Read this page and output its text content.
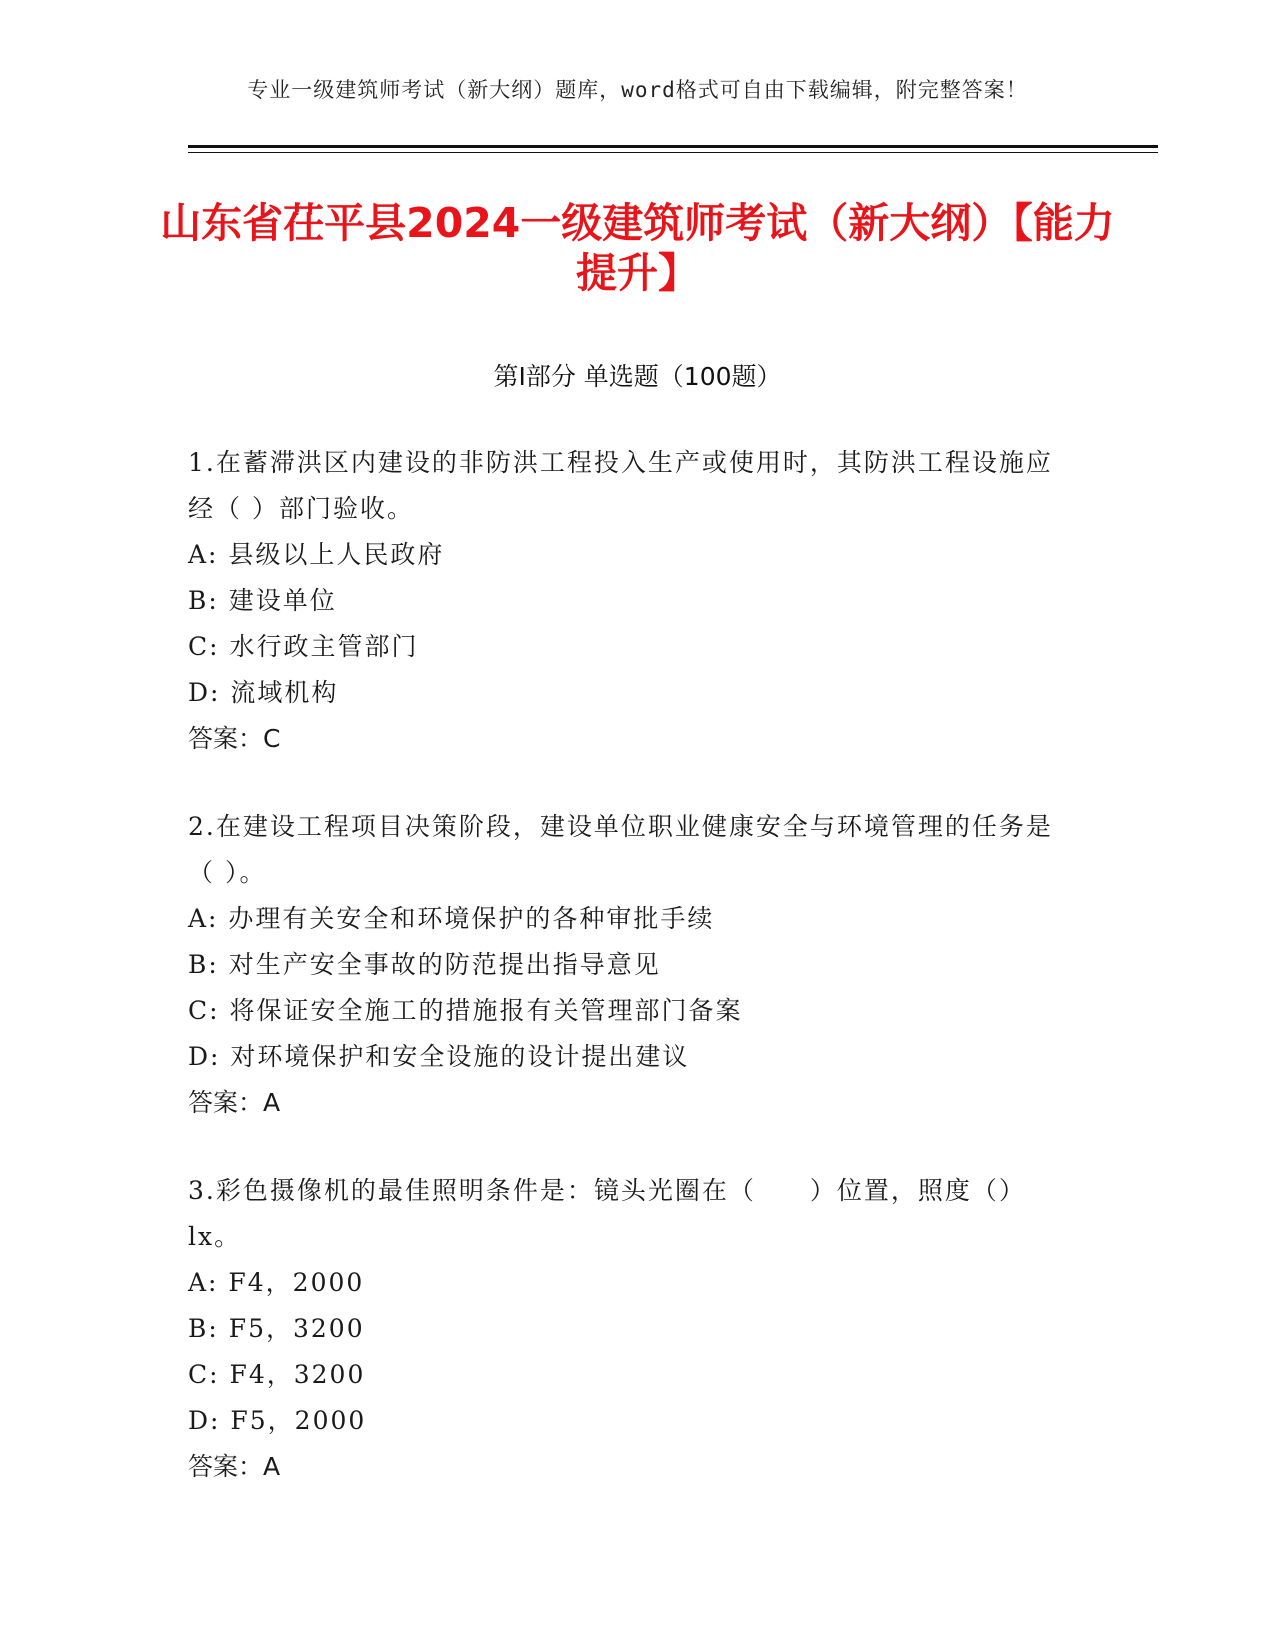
专业一级建筑师考试（新大纲）题库，word格式可自由下载编辑，附完整答案！
山东省茌平县2024一级建筑师考试（新大纲）【能力提升】
第Ⅰ部分 单选题（100题）
1.在蓄滞洪区内建设的非防洪工程投入生产或使用时，其防洪工程设施应经（ ）部门验收。
A: 县级以上人民政府
B: 建设单位
C: 水行政主管部门
D: 流域机构
答案：C
2.在建设工程项目决策阶段，建设单位职业健康安全与环境管理的任务是（ ）。
A: 办理有关安全和环境保护的各种审批手续
B: 对生产安全事故的防范提出指导意见
C: 将保证安全施工的措施报有关管理部门备案
D: 对环境保护和安全设施的设计提出建议
答案：A
3.彩色摄像机的最佳照明条件是：镜头光圈在（　　）位置，照度（）lx。
A: F4，2000
B: F5，3200
C: F4，3200
D: F5，2000
答案：A
